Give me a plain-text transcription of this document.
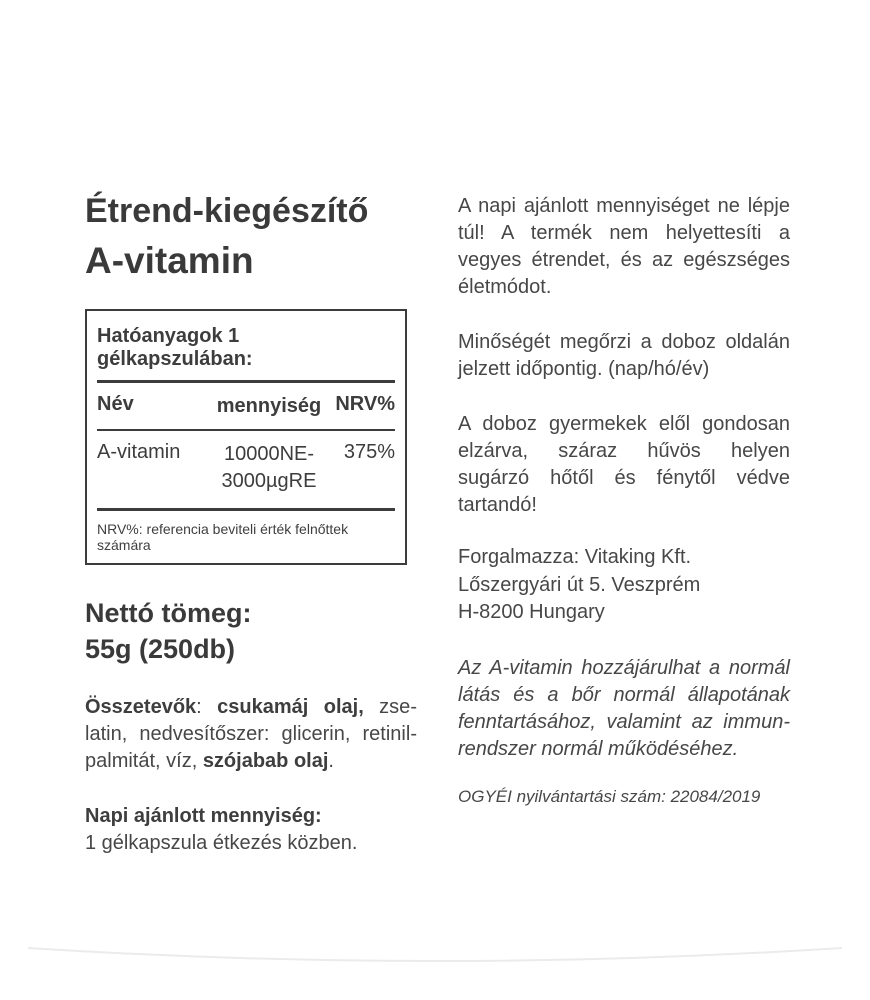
Étrend-kiegészítő
A-vitamin
Hatóanyagok 1 gélkapszulában:
Név	mennyiség NRV%
A-vitamin	10000NE-
3000µgRE
375%
NRV%: referencia beviteli érték felnőttek számára
Nettó tömeg:
55g (250db)

Összetevők: csukamáj olaj, zselatin, nedvesítőszer: glicerin, retinilpalmitát, víz, szójabab olaj.

Napi ajánlott mennyiség:
1 gélkapszula étkezés közben.

A napi ajánlott mennyiséget ne lépje túl! A termék nem helyettesíti a vegyes étrendet, és az egészséges életmódot.

Minőségét megőrzi a doboz oldalán jelzett időpontig. (nap/hó/év)

A doboz gyermekek elől gondosan elzárva, száraz hűvös helyen sugárzó hőtől és fénytől védve tartandó!

Forgalmazza: Vitaking Kft.
Lőszergyári út 5. Veszprém
H-8200 Hungary

Az A-vitamin hozzájárulhat a normál látás és a bőr normál állapotának fenntartásához, valamint az immunrendszer normál működéséhez.

OGYÉI nyilvántartási szám: 22084/2019
